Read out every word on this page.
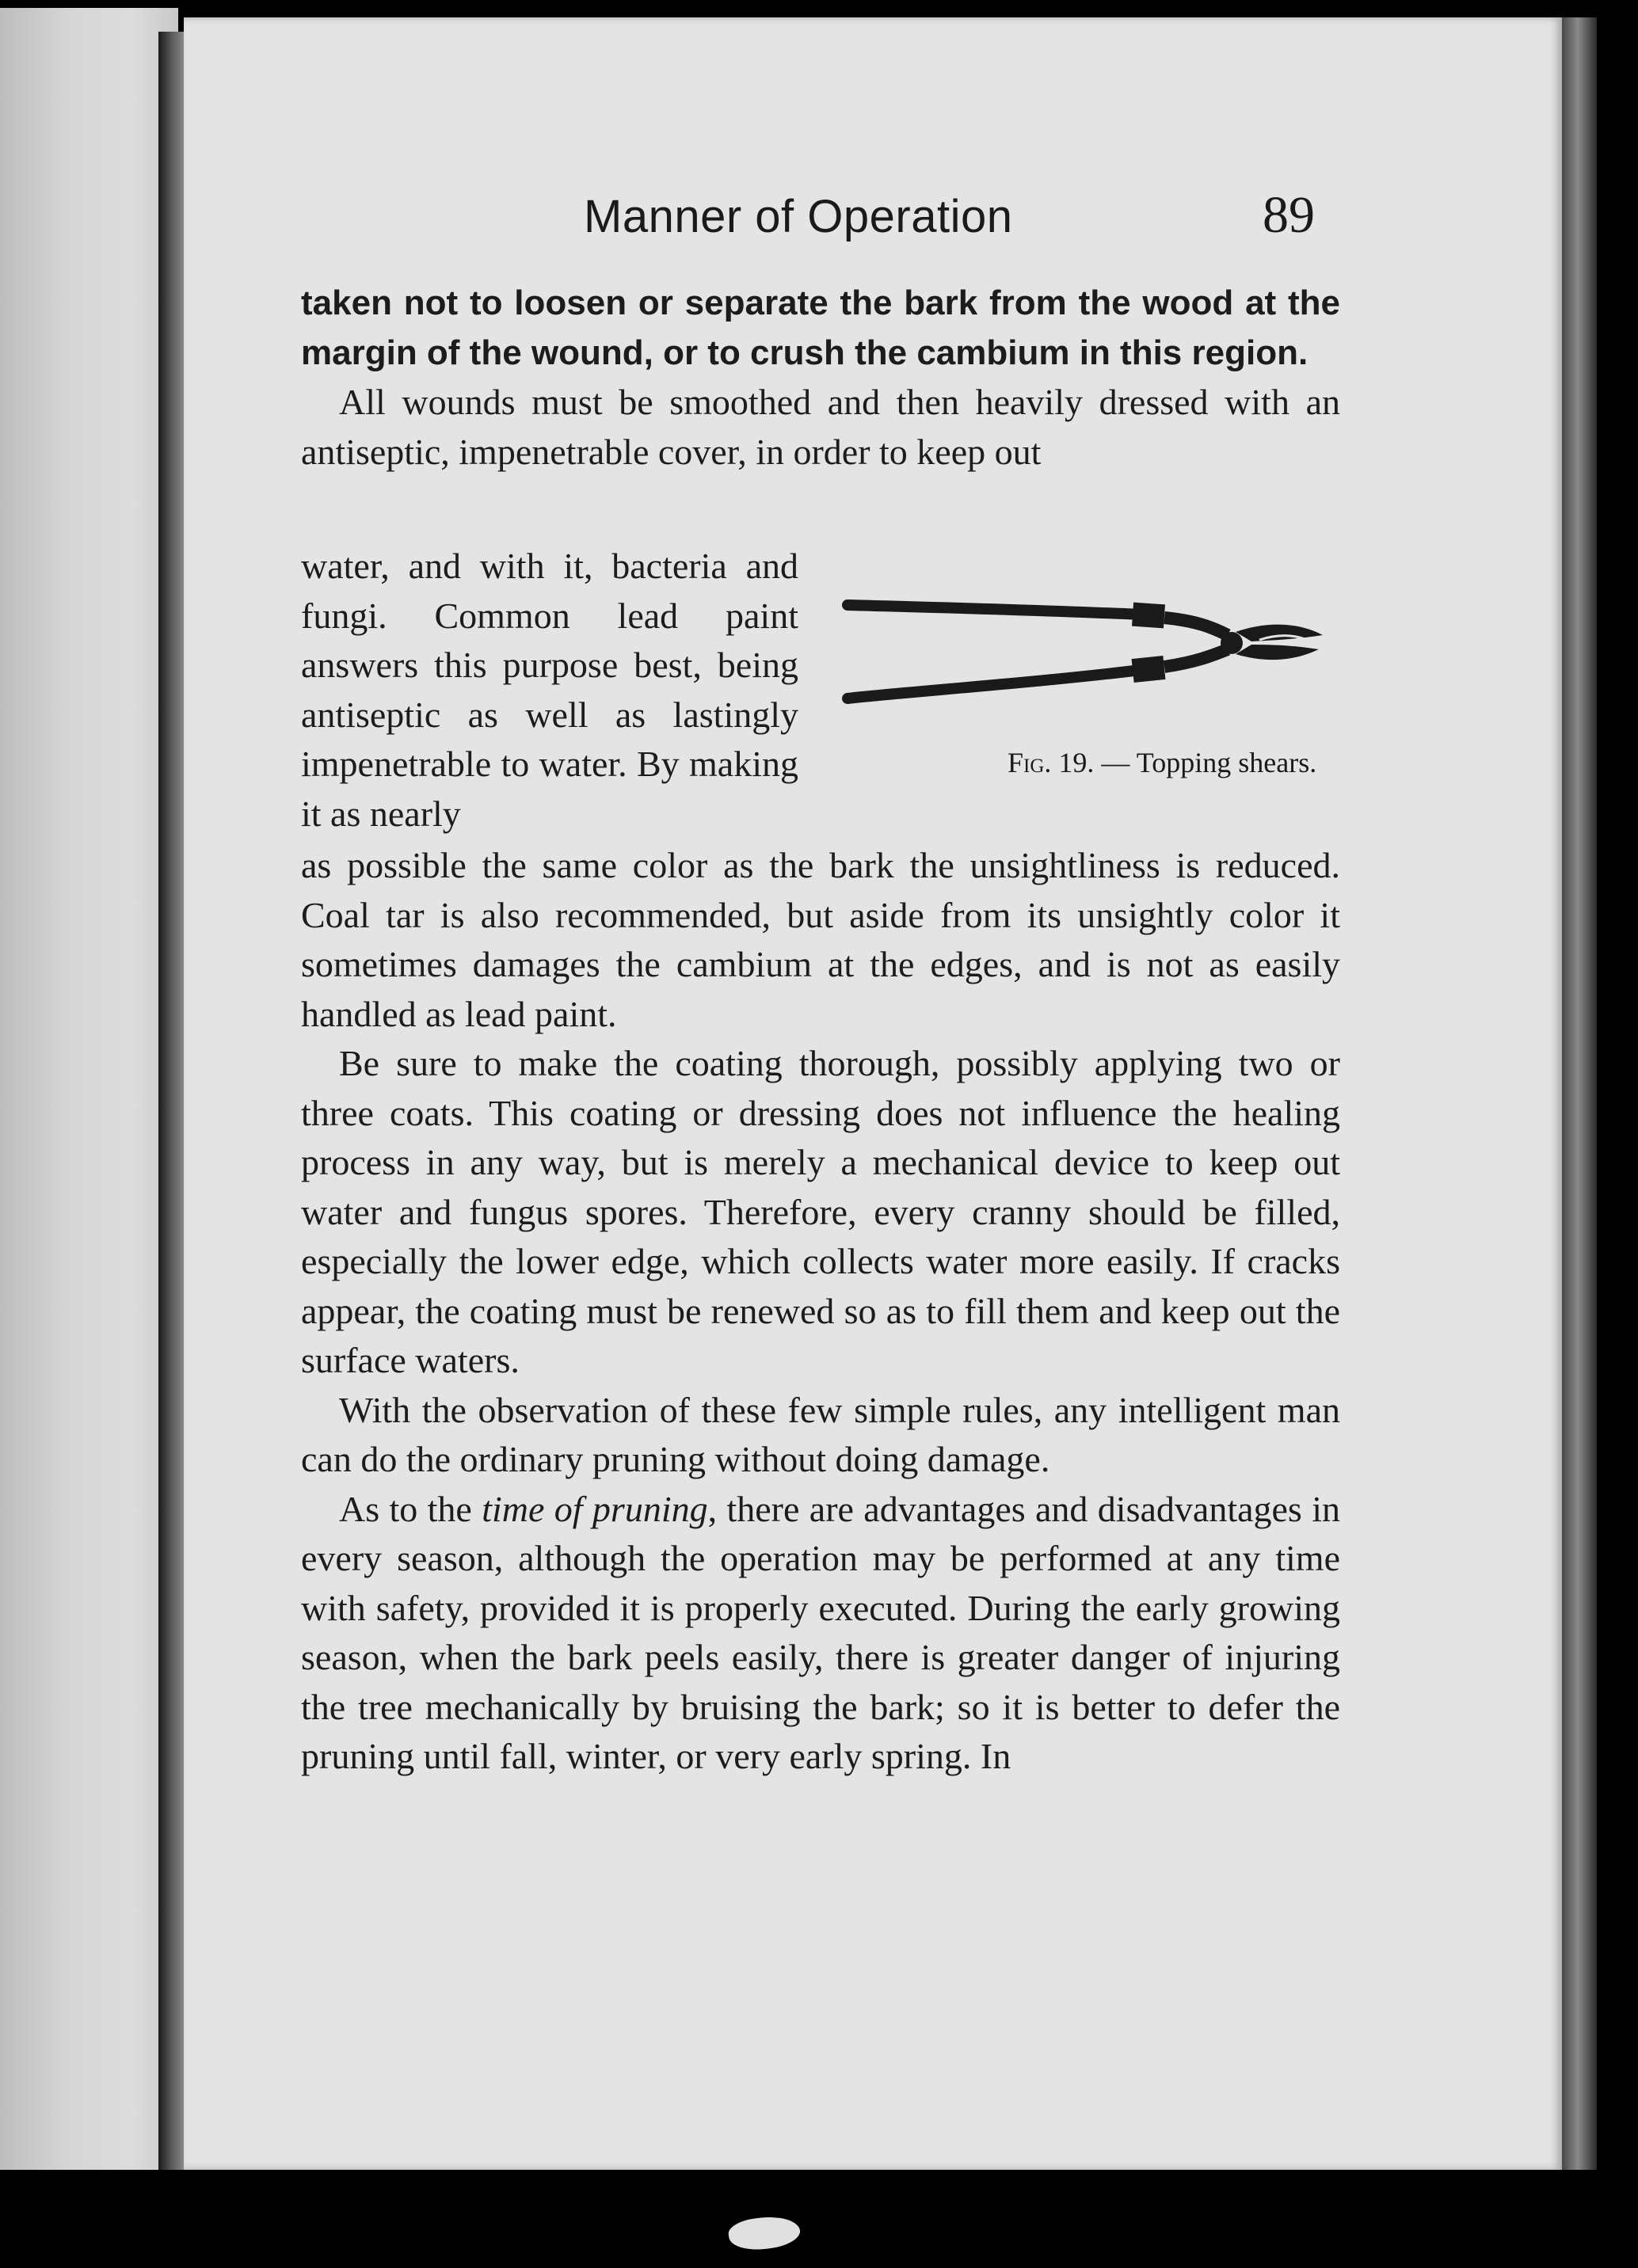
Manner of Operation	89

taken not to loosen or separate the bark from the wood at the margin of the wound, or to crush the cambium in this region.

All wounds must be smoothed and then heavily dressed with an antiseptic, impenetrable cover, in order to keep out

water, and with it, bacteria and fungi. Common lead paint answers this purpose best, being antiseptic as well as lastingly impenetrable to water. By making it as nearly

Fig. 19. — Topping shears.

as possible the same color as the bark the unsightliness is reduced. Coal tar is also recommended, but aside from its unsightly color it sometimes damages the cambium at the edges, and is not as easily handled as lead paint.

Be sure to make the coating thorough, possibly applying two or three coats. This coating or dressing does not influence the healing process in any way, but is merely a mechanical device to keep out water and fungus spores. Therefore, every cranny should be filled, especially the lower edge, which collects water more easily. If cracks appear, the coating must be renewed so as to fill them and keep out the surface waters.

With the observation of these few simple rules, any intelligent man can do the ordinary pruning without doing damage.

As to the time of pruning, there are advantages and disadvantages in every season, although the operation may be performed at any time with safety, provided it is properly executed. During the early growing season, when the bark peels easily, there is greater danger of injuring the tree mechanically by bruising the bark; so it is better to defer the pruning until fall, winter, or very early spring. In
